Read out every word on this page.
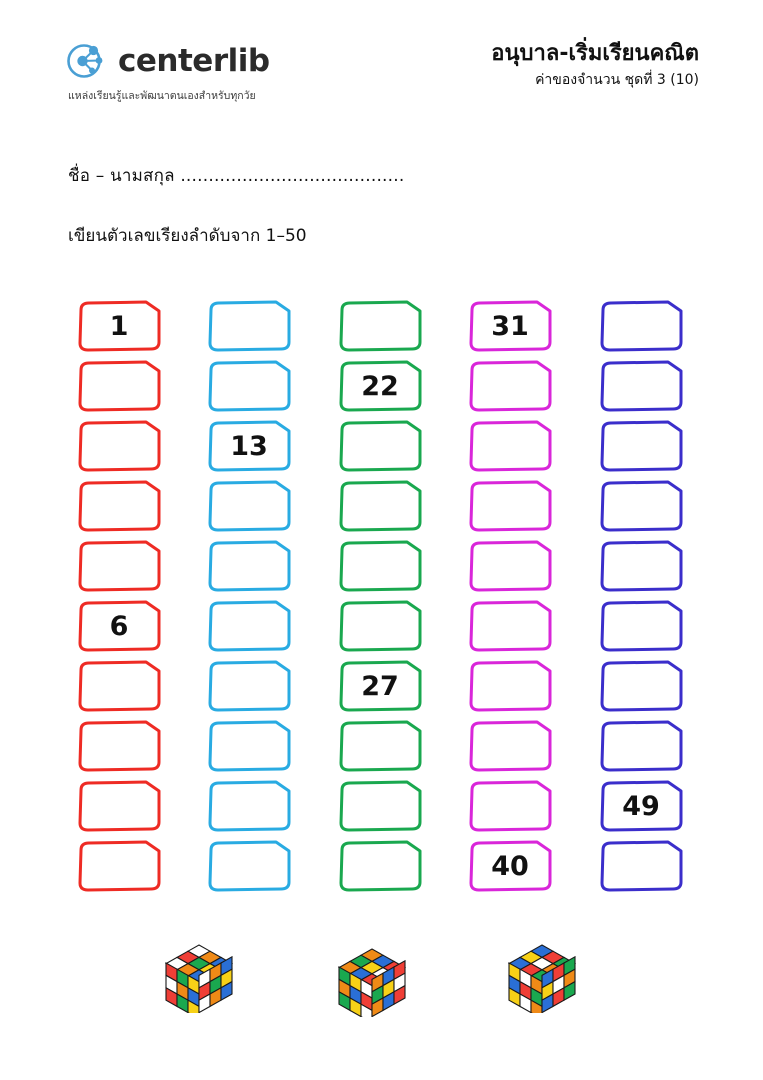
centerlib
แหล่งเรียนรู้และพัฒนาตนเองสำหรับทุกวัย
อนุบาล-เริ่มเรียนคณิต
ค่าของจำนวน ชุดที่ 3 (10)
ชื่อ – นามสกุล ........................................
เขียนตัวเลขเรียงลำดับจาก 1–50
1
6
13
22
27
31
40
49
